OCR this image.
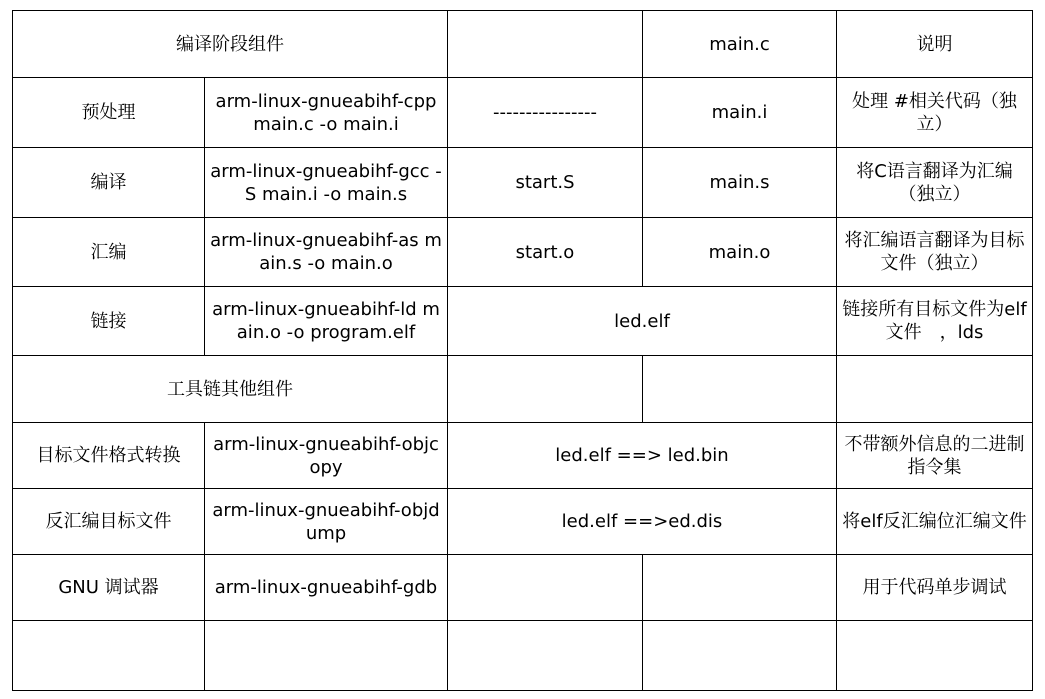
编译阶段组件			main.c	说明
预处理	arm-linux-gnueabihf-cpp main.c -o main.i	----------------	main.i	处理 #相关代码（独立）
编译	arm-linux-gnueabihf-gcc -S main.i -o main.s	start.S	main.s	将C语言翻译为汇编（独立）
汇编	arm-linux-gnueabihf-as main.s -o main.o	start.o	main.o	将汇编语言翻译为目标文件（独立）
链接	arm-linux-gnueabihf-ld main.o -o program.elf	led.elf		链接所有目标文件为elf文件　，lds
工具链其他组件				
目标文件格式转换	arm-linux-gnueabihf-objcopy	led.elf ==> led.bin		不带额外信息的二进制指令集
反汇编目标文件	arm-linux-gnueabihf-objdump	led.elf ==>ed.dis		将elf反汇编位汇编文件
GNU 调试器	arm-linux-gnueabihf-gdb			用于代码单步调试
